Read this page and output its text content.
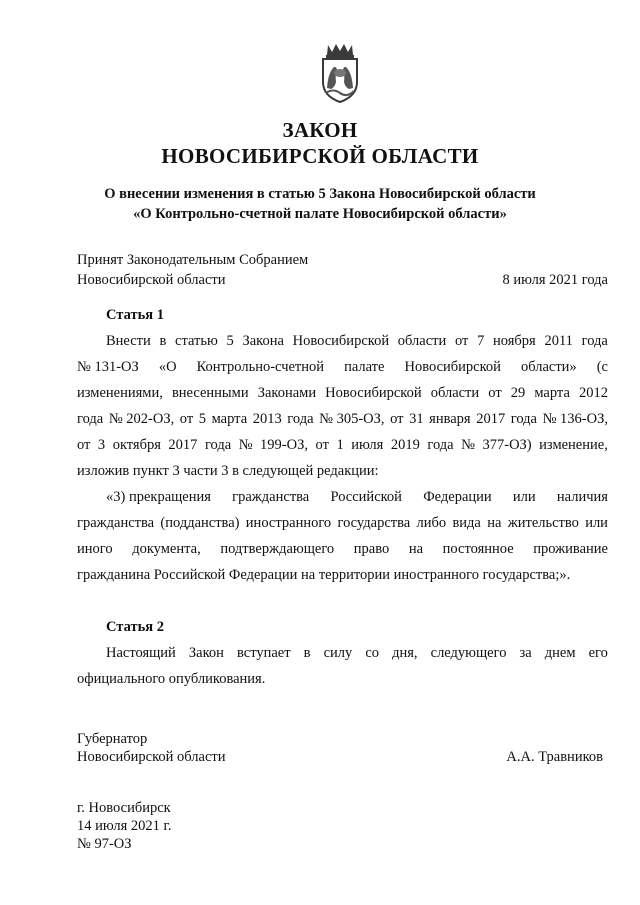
ЗАКОН
НОВОСИБИРСКОЙ ОБЛАСТИ
О внесении изменения в статью 5 Закона Новосибирской области
«О Контрольно-счетной палате Новосибирской области»
Принят Законодательным Собранием
Новосибирской области	8 июля 2021 года
Статья 1
Внести в статью 5 Закона Новосибирской области от 7 ноября 2011 года
№ 131-ОЗ «О Контрольно-счетной палате Новосибирской области» (с
изменениями, внесенными Законами Новосибирской области от 29 марта 2012
года № 202-ОЗ, от 5 марта 2013 года № 305-ОЗ, от 31 января 2017 года № 136-ОЗ,
от 3 октября 2017 года № 199-ОЗ, от 1 июля 2019 года № 377-ОЗ) изменение,
изложив пункт 3 части 3 в следующей редакции:
«3) прекращения гражданства Российской Федерации или наличия
гражданства (подданства) иностранного государства либо вида на жительство или
иного документа, подтверждающего право на постоянное проживание
гражданина Российской Федерации на территории иностранного государства;».
Статья 2
Настоящий Закон вступает в силу со дня, следующего за днем его
официального опубликования.
Губернатор
Новосибирской области	А.А. Травников
г. Новосибирск
14 июля 2021 г.
№ 97-ОЗ
